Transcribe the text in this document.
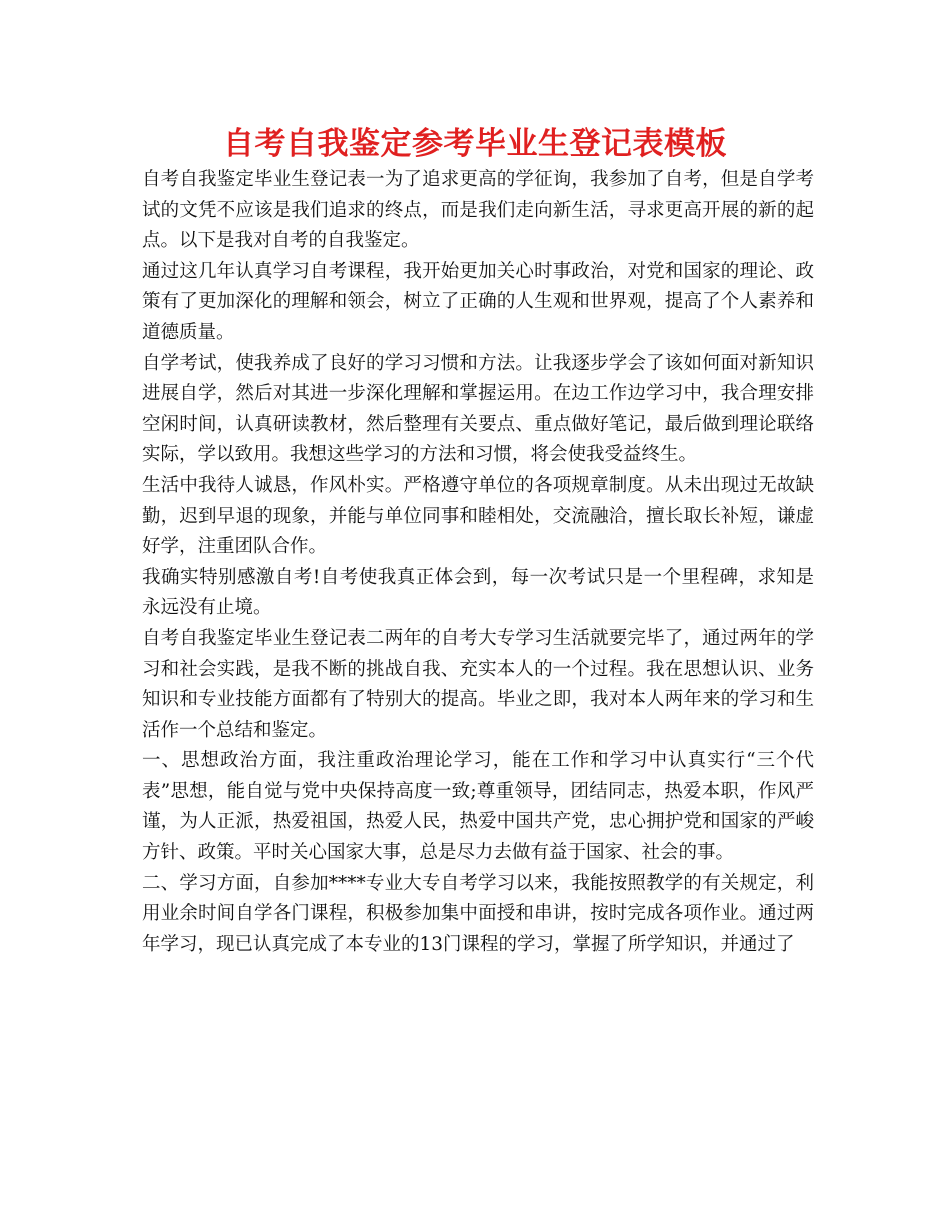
自考自我鉴定参考毕业生登记表模板

自考自我鉴定毕业生登记表一为了追求更高的学征询，我参加了自考，但是自学考试的文凭不应该是我们追求的终点，而是我们走向新生活，寻求更高开展的新的起点。以下是我对自考的自我鉴定。

通过这几年认真学习自考课程，我开始更加关心时事政治，对党和国家的理论、政策有了更加深化的理解和领会，树立了正确的人生观和世界观，提高了个人素养和道德质量。

自学考试，使我养成了良好的学习习惯和方法。让我逐步学会了该如何面对新知识进展自学，然后对其进一步深化理解和掌握运用。在边工作边学习中，我合理安排空闲时间，认真研读教材，然后整理有关要点、重点做好笔记，最后做到理论联络实际，学以致用。我想这些学习的方法和习惯，将会使我受益终生。

生活中我待人诚恳，作风朴实。严格遵守单位的各项规章制度。从未出现过无故缺勤，迟到早退的现象，并能与单位同事和睦相处，交流融洽，擅长取长补短，谦虚好学，注重团队合作。

我确实特别感激自考!自考使我真正体会到，每一次考试只是一个里程碑，求知是永远没有止境。

自考自我鉴定毕业生登记表二两年的自考大专学习生活就要完毕了，通过两年的学习和社会实践，是我不断的挑战自我、充实本人的一个过程。我在思想认识、业务知识和专业技能方面都有了特别大的提高。毕业之即，我对本人两年来的学习和生活作一个总结和鉴定。

一、思想政治方面，我注重政治理论学习，能在工作和学习中认真实行“三个代表”思想，能自觉与党中央保持高度一致;尊重领导，团结同志，热爱本职，作风严谨，为人正派，热爱祖国，热爱人民，热爱中国共产党，忠心拥护党和国家的严峻方针、政策。平时关心国家大事，总是尽力去做有益于国家、社会的事。

二、学习方面，自参加****专业大专自考学习以来，我能按照教学的有关规定，利用业余时间自学各门课程，积极参加集中面授和串讲，按时完成各项作业。通过两年学习，现已认真完成了本专业的13门课程的学习，掌握了所学知识，并通过了
